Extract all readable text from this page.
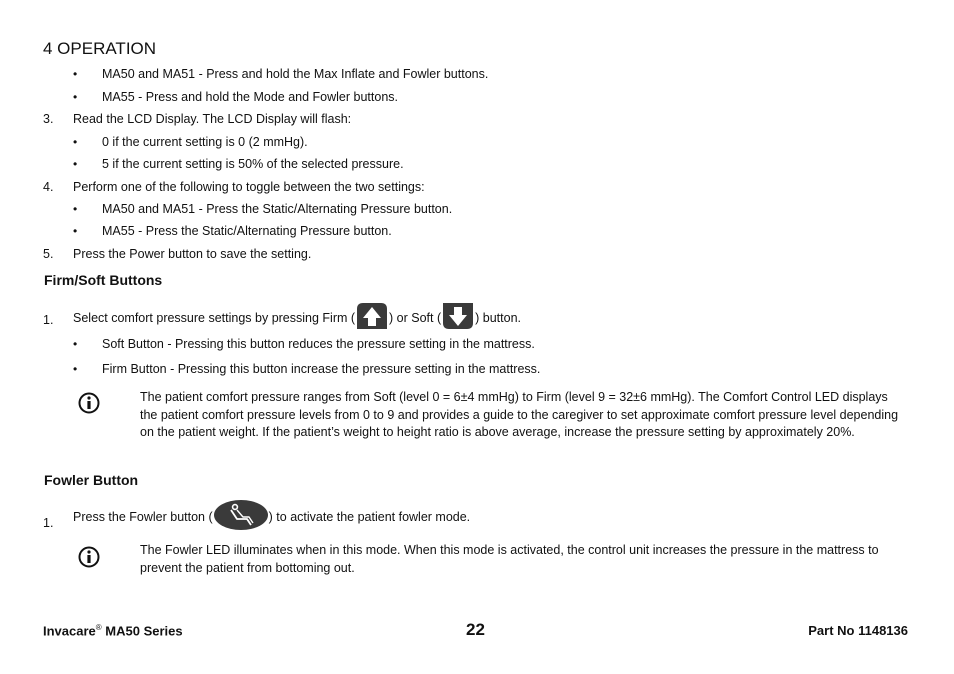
4 OPERATION
• MA50 and MA51 - Press and hold the Max Inflate and Fowler buttons.
• MA55 - Press and hold the Mode and Fowler buttons.
3. Read the LCD Display. The LCD Display will flash:
• 0 if the current setting is 0 (2 mmHg).
• 5 if the current setting is 50% of the selected pressure.
4. Perform one of the following to toggle between the two settings:
• MA50 and MA51 - Press the Static/Alternating Pressure button.
• MA55 - Press the Static/Alternating Pressure button.
5. Press the Power button to save the setting.
Firm/Soft Buttons
1. Select comfort pressure settings by pressing Firm (	) or Soft (	) button.
• Soft Button - Pressing this button reduces the pressure setting in the mattress.
• Firm Button - Pressing this button increase the pressure setting in the mattress.
The patient comfort pressure ranges from Soft (level 0 = 6±4 mmHg) to Firm (level 9 = 32±6 mmHg). The Comfort Control LED displays the patient comfort pressure levels from 0 to 9 and provides a guide to the caregiver to set approximate comfort pressure level depending on the patient weight. If the patient’s weight to height ratio is above average, increase the pressure setting by approximately 20%.
Fowler Button
1. Press the Fowler button (	) to activate the patient fowler mode.
The Fowler LED illuminates when in this mode. When this mode is activated, the control unit increases the pressure in the mattress to prevent the patient from bottoming out.
Invacare® MA50 Series	22	Part No 1148136
